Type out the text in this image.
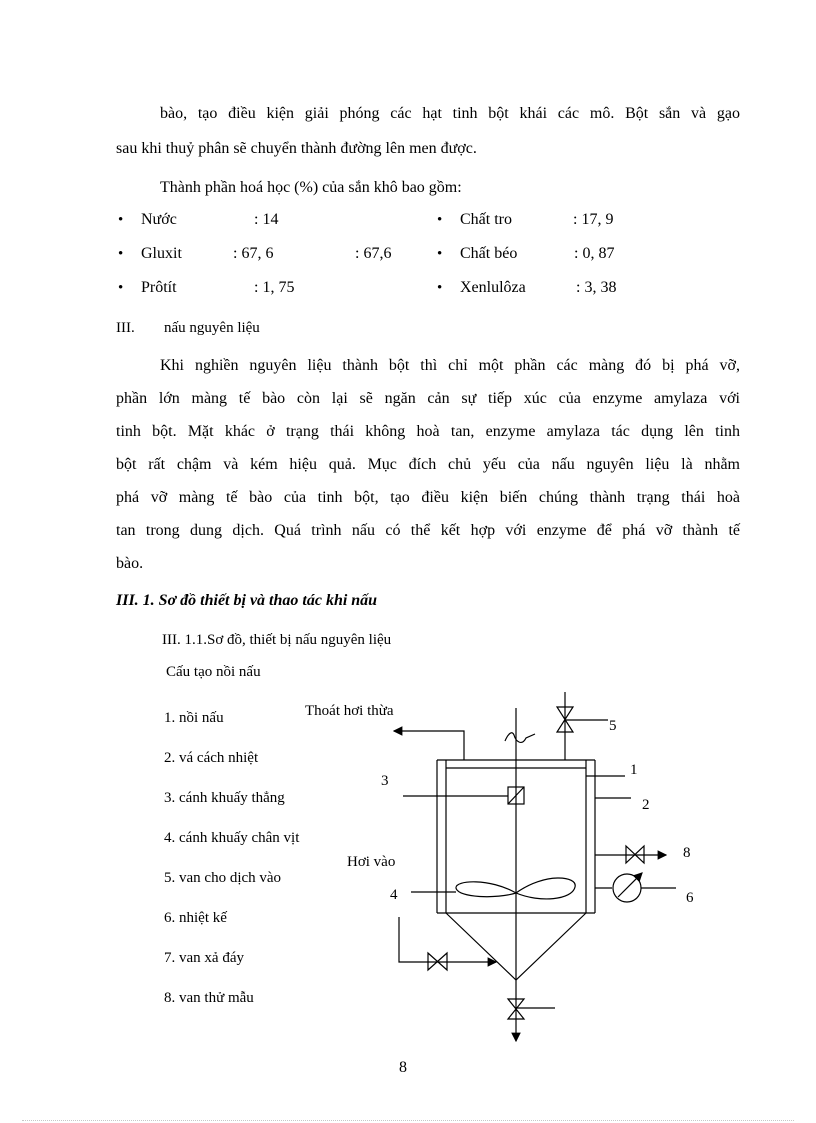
bào, tạo điều kiện giải phóng các hạt tinh bột khái các mô. Bột sắn và gạo
sau khi thuỷ phân sẽ chuyển thành đường lên men được.
Thành phần hoá học (%) của sắn khô bao gồm:
• Nước	: 14	• Chất tro	: 17, 9
• Gluxit	: 67, 6	: 67,6	• Chất béo	: 0, 87
• Prôtít	: 1, 75	• Xenlulôza	: 3, 38
III. nấu nguyên liệu
Khi nghiền nguyên liệu thành bột thì chỉ một phần các màng đó bị phá vỡ,
phần lớn màng tế bào còn lại sẽ ngăn cản sự tiếp xúc của enzyme amylaza với
tinh bột. Mặt khác ở trạng thái không hoà tan, enzyme amylaza tác dụng lên tinh
bột rất chậm và kém hiệu quả. Mục đích chủ yếu của nấu nguyên liệu là nhằm
phá vỡ màng tế bào của tinh bột, tạo điều kiện biến chúng thành trạng thái hoà
tan trong dung dịch. Quá trình nấu có thể kết hợp với enzyme để phá vỡ thành tế
bào.
III. 1. Sơ đồ thiết bị và thao tác khi nấu
III. 1.1.Sơ đồ, thiết bị nấu nguyên liệu
Cấu tạo nồi nấu
1. nồi nấu
2. vá cách nhiệt
3. cánh khuấy thẳng
4. cánh khuấy chân vịt
5. van cho dịch vào
6. nhiệt kế
7. van xả đáy
8. van thử mẫu
Thoát hơi thừa
Hơi vào
1
2
3
4
5
6
8
8
